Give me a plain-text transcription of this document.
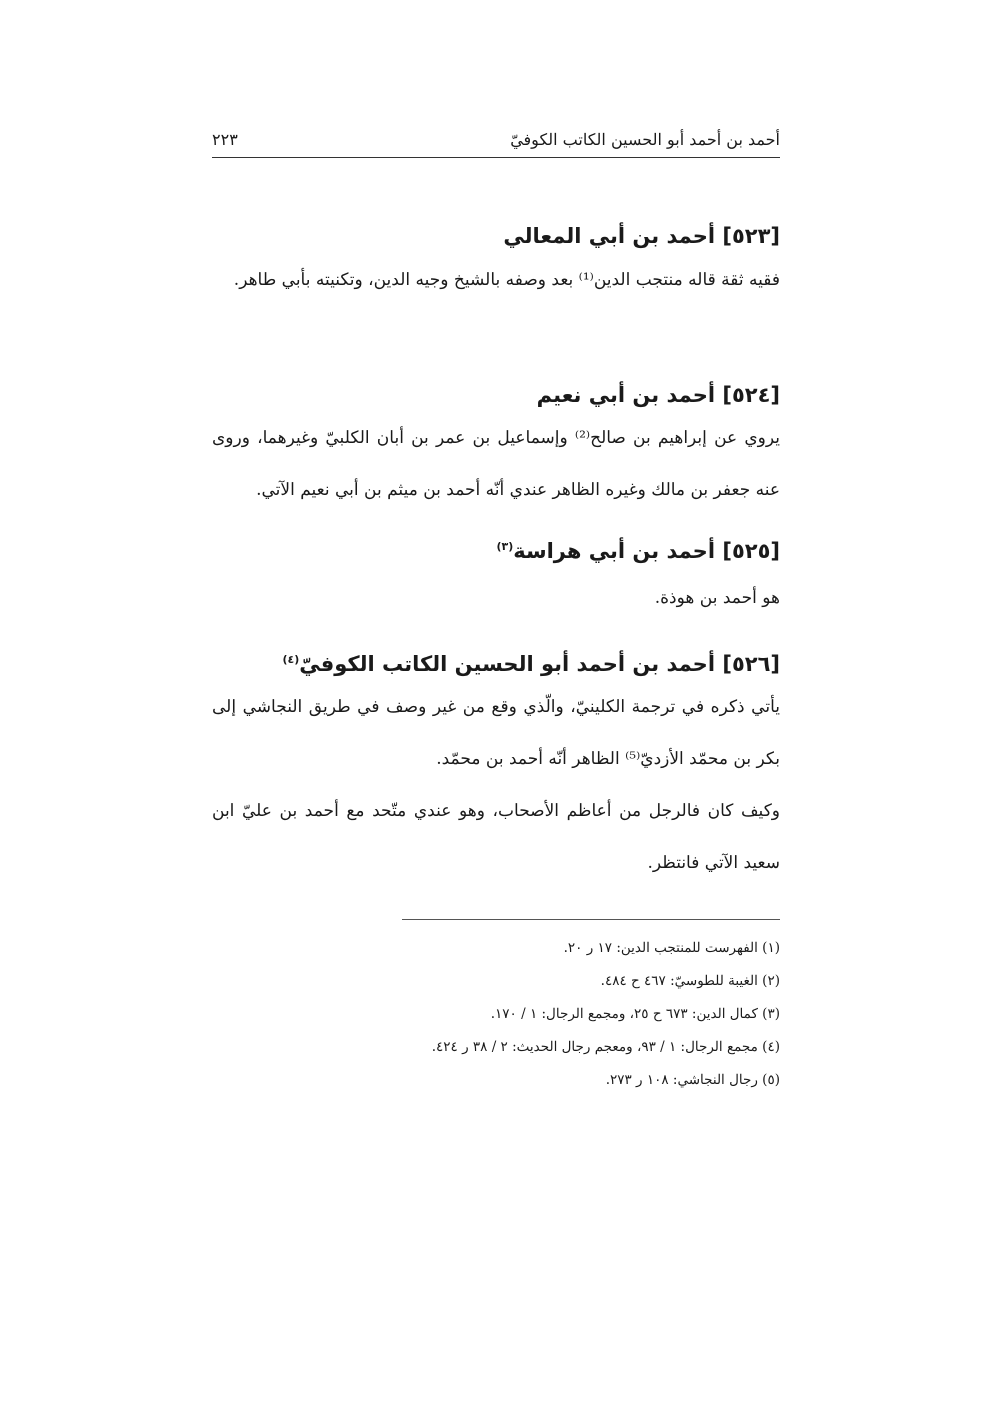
أحمد بن أحمد أبو الحسين الكاتب الكوفيّ
٢٢٣
[٥٢٣] أحمد بن أبي المعالي
فقيه ثقة قاله منتجب الدين⁽¹⁾ بعد وصفه بالشيخ وجيه الدين، وتكنيته بأبي طاهر.
[٥٢٤] أحمد بن أبي نعيم
يروي عن إبراهيم بن صالح⁽²⁾ وإسماعيل بن عمر بن أبان الكلبيّ وغيرهما، وروى عنه جعفر بن مالك وغيره الظاهر عندي أنّه أحمد بن ميثم بن أبي نعيم الآتي.
[٥٢٥] أحمد بن أبي هراسة$^{(٣)}$
هو أحمد بن هوذة.
[٥٢٦] أحمد بن أحمد أبو الحسين الكاتب الكوفيّ$^{(٤)}$
يأتي ذكره في ترجمة الكلينيّ، والّذي وقع من غير وصف في طريق النجاشي إلى بكر بن محمّد الأزديّ⁽⁵⁾ الظاهر أنّه أحمد بن محمّد.
وكيف كان فالرجل من أعاظم الأصحاب، وهو عندي متّحد مع أحمد بن عليّ ابن سعيد الآتي فانتظر.
(١) الفهرست للمنتجب الدين: ١٧ ر ٢٠.
(٢) الغيبة للطوسيّ: ٤٦٧ ح ٤٨٤.
(٣) كمال الدين: ٦٧٣ ح ٢٥، ومجمع الرجال: ١ / ١٧٠.
(٤) مجمع الرجال: ١ / ٩٣، ومعجم رجال الحديث: ٢ / ٣٨ ر ٤٢٤.
(٥) رجال النجاشي: ١٠٨ ر ٢٧٣.
